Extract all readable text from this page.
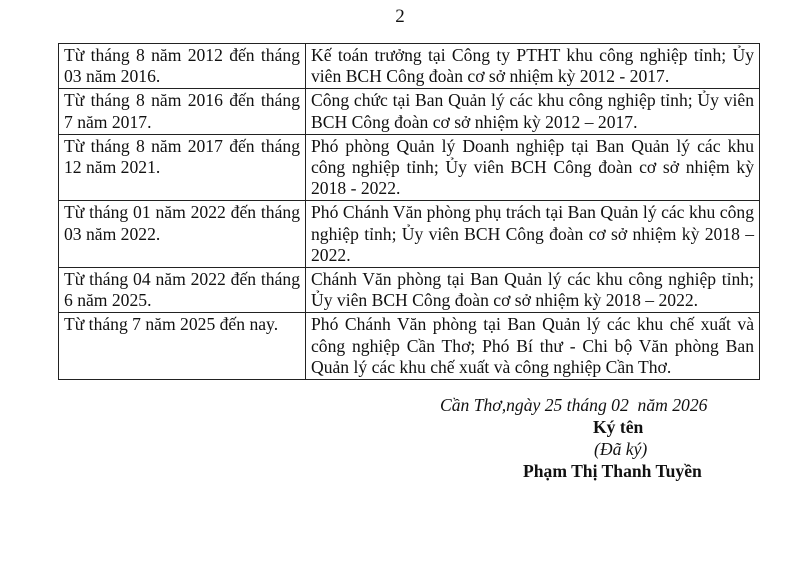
2
Từ tháng 8 năm 2012 đến tháng 03 năm 2016.	Kế toán trưởng tại Công ty PTHT khu công nghiệp tỉnh; Ủy viên BCH Công đoàn cơ sở nhiệm kỳ 2012 - 2017.
Từ tháng 8 năm 2016 đến tháng 7 năm 2017.	Công chức tại Ban Quản lý các khu công nghiệp tỉnh; Ủy viên BCH Công đoàn cơ sở nhiệm kỳ 2012 – 2017.
Từ tháng 8 năm 2017 đến tháng 12 năm 2021.	Phó phòng Quản lý Doanh nghiệp tại Ban Quản lý các khu công nghiệp tỉnh; Ủy viên BCH Công đoàn cơ sở nhiệm kỳ 2018 - 2022.
Từ tháng 01 năm 2022 đến tháng 03 năm 2022.	Phó Chánh Văn phòng phụ trách tại Ban Quản lý các khu công nghiệp tỉnh; Ủy viên BCH Công đoàn cơ sở nhiệm kỳ 2018 – 2022.
Từ tháng 04 năm 2022 đến tháng 6 năm 2025.	Chánh Văn phòng tại Ban Quản lý các khu công nghiệp tỉnh; Ủy viên BCH Công đoàn cơ sở nhiệm kỳ 2018 – 2022.
Từ tháng 7 năm 2025 đến nay.	Phó Chánh Văn phòng tại Ban Quản lý các khu chế xuất và công nghiệp Cần Thơ; Phó Bí thư - Chi bộ Văn phòng Ban Quản lý các khu chế xuất và công nghiệp Cần Thơ.
Cần Thơ,ngày 25 tháng 02  năm 2026
Ký tên
(Đã ký)
Phạm Thị Thanh Tuyền
